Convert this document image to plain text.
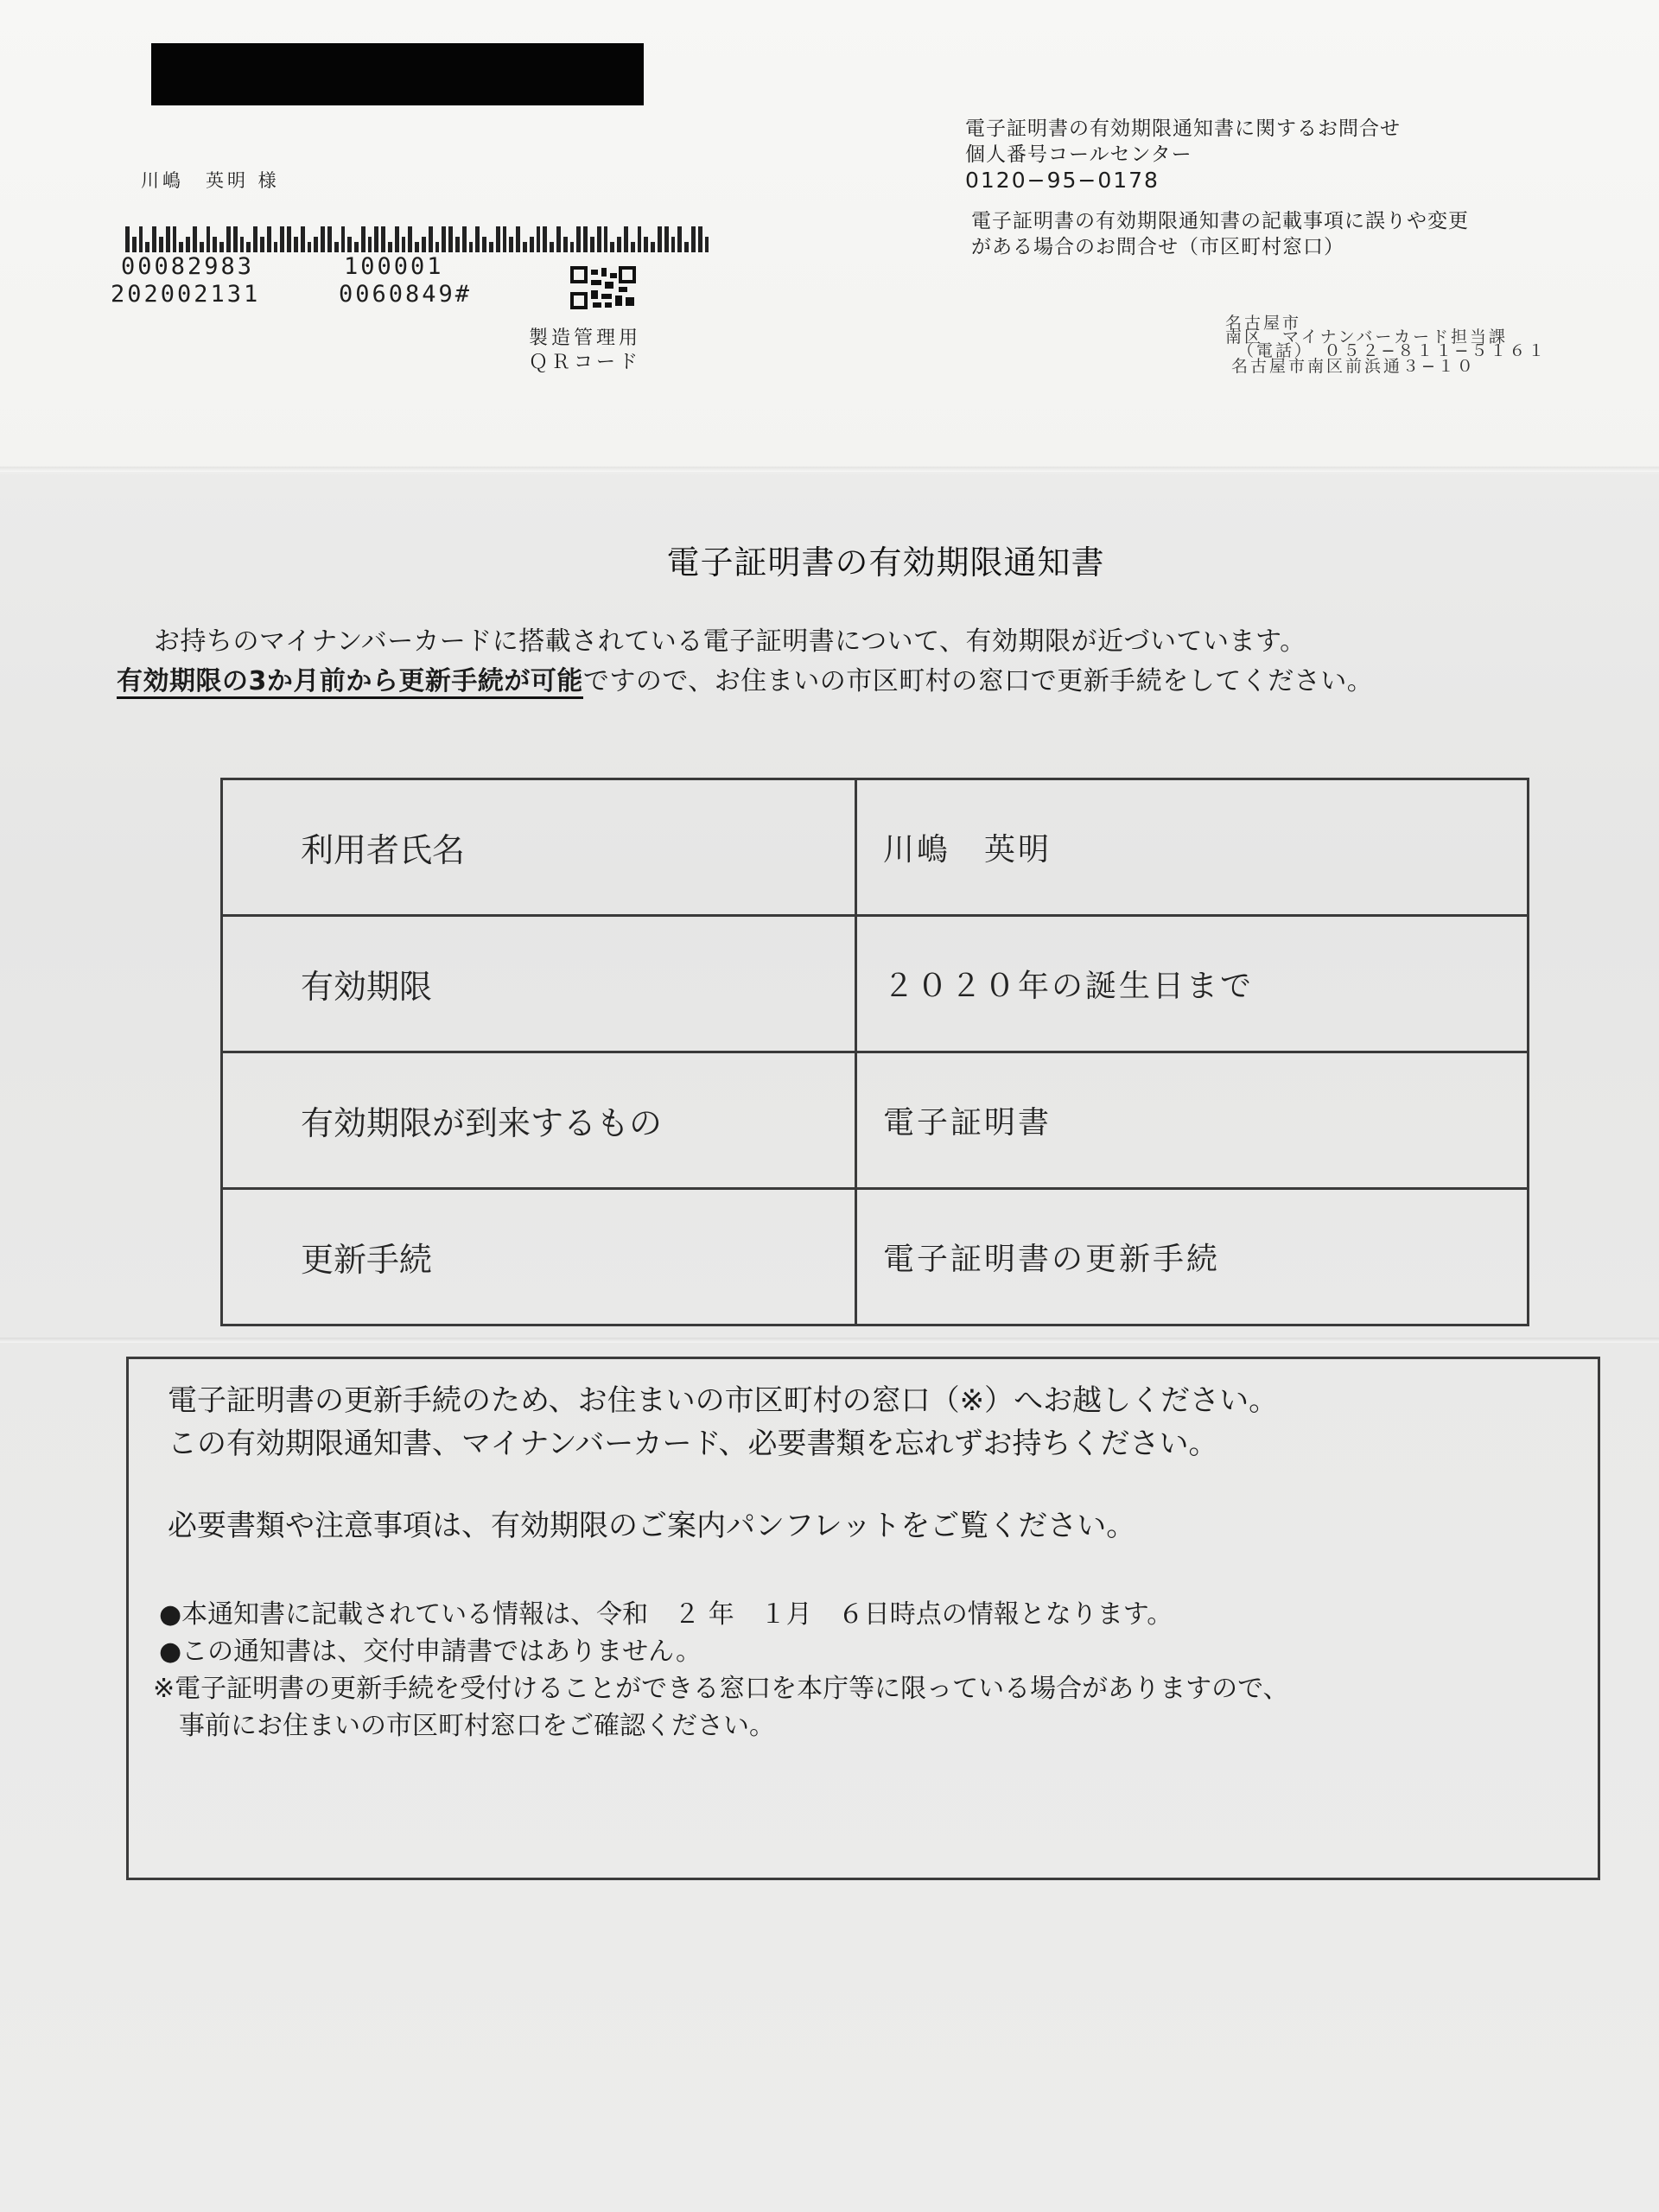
川嶋　英明 様
00082983	100001
202002131	0060849#
製造管理用
ＱＲコード
電子証明書の有効期限通知書に関するお問合せ
個人番号コールセンター
0120−95−0178
電子証明書の有効期限通知書の記載事項に誤りや変更
がある場合のお問合せ（市区町村窓口）
名古屋市
南区　マイナンバーカード担当課
（電話）　０５２−８１１−５１６１
名古屋市南区前浜通３−１０
電子証明書の有効期限通知書
お持ちのマイナンバーカードに搭載されている電子証明書について、有効期限が近づいています。
有効期限の3か月前から更新手続が可能ですので、お住まいの市区町村の窓口で更新手続をしてください。
利用者氏名	川嶋　英明
有効期限	２０２０年の誕生日まで
有効期限が到来するもの	電子証明書
更新手続	電子証明書の更新手続
電子証明書の更新手続のため、お住まいの市区町村の窓口（※）へお越しください。
この有効期限通知書、マイナンバーカード、必要書類を忘れずお持ちください。
必要書類や注意事項は、有効期限のご案内パンフレットをご覧ください。
●本通知書に記載されている情報は、令和　２ 年　１月　６日時点の情報となります。
●この通知書は、交付申請書ではありません。
※電子証明書の更新手続を受付けることができる窓口を本庁等に限っている場合がありますので、
　事前にお住まいの市区町村窓口をご確認ください。
